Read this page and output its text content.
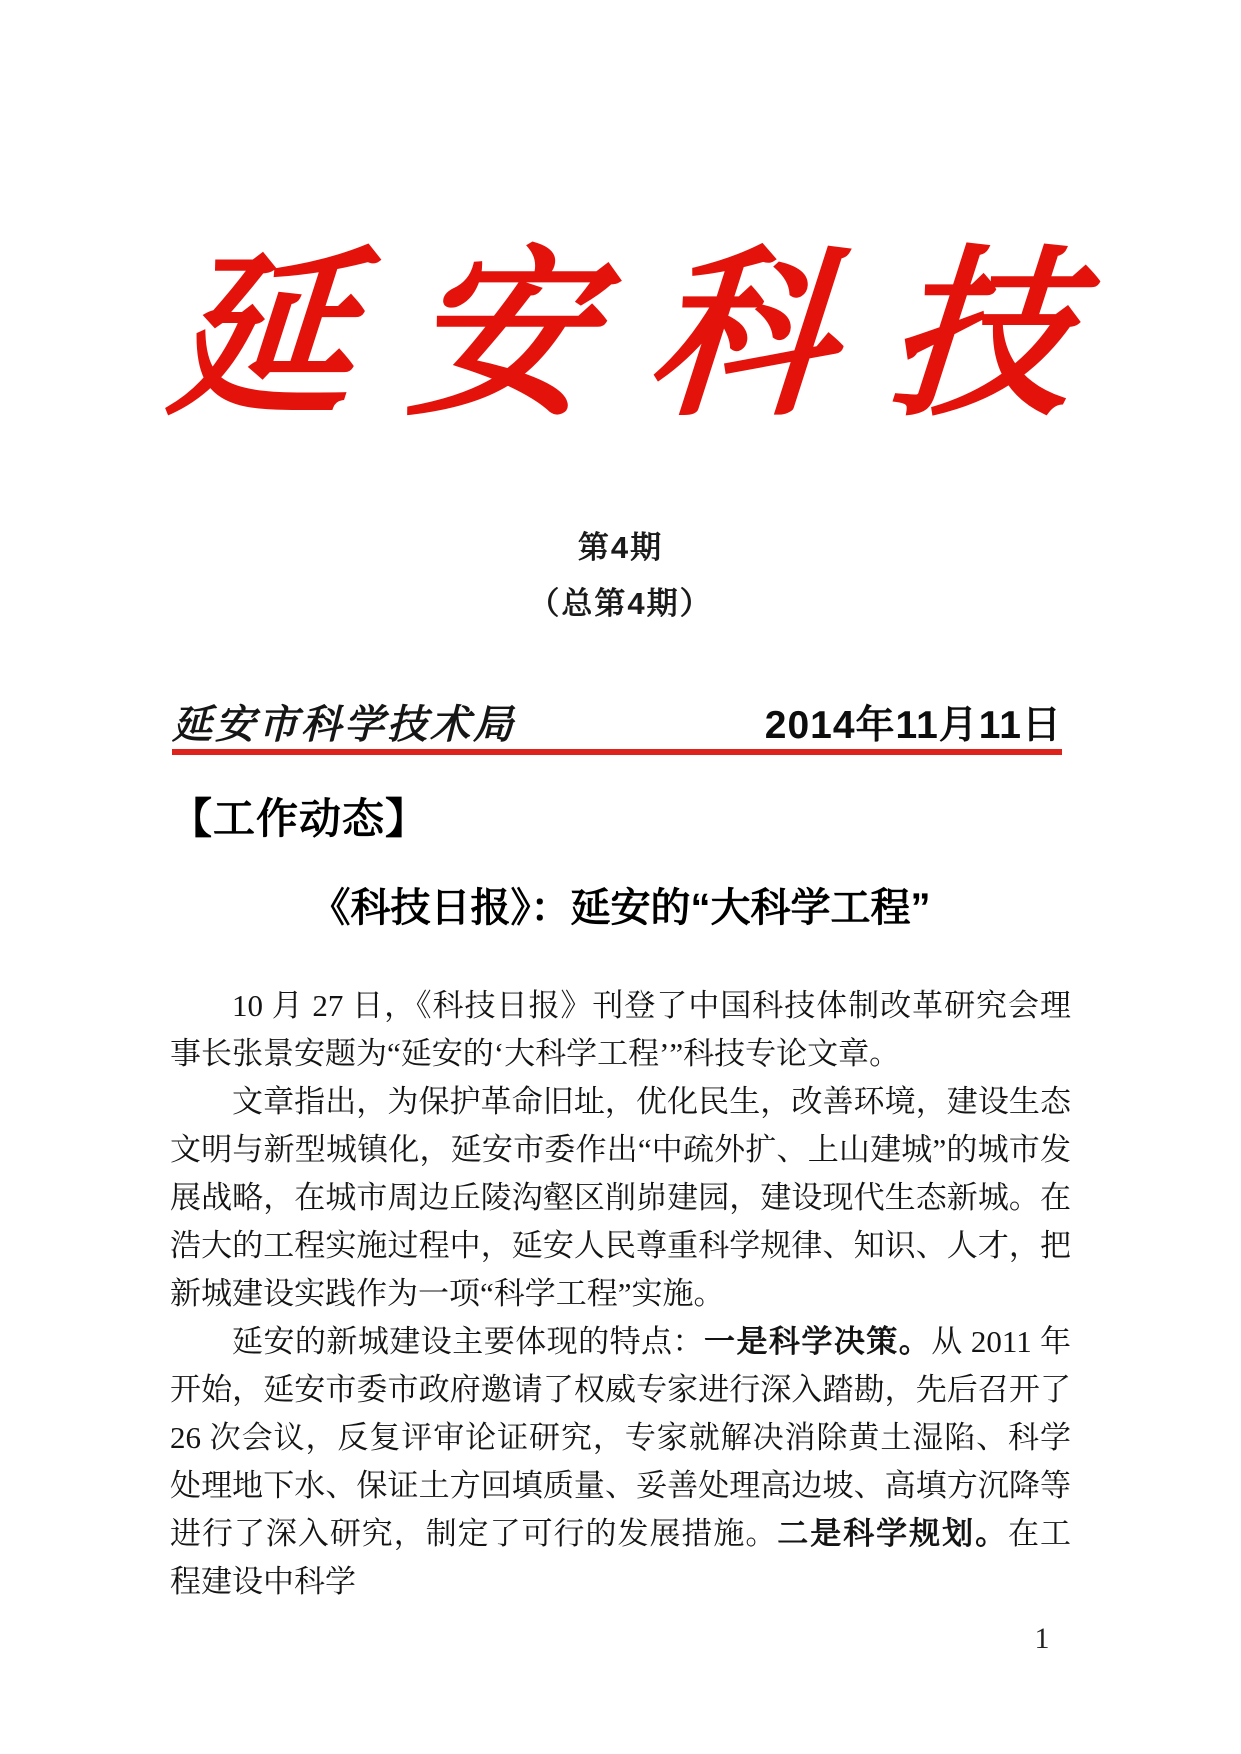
延安科技
第4期
（总第4期）
延安市科学技术局	2014年11月11日
【工作动态】
《科技日报》：延安的“大科学工程”

10 月 27 日，《科技日报》刊登了中国科技体制改革研究会理事长张景安题为“延安的‘大科学工程’”科技专论文章。

文章指出，为保护革命旧址，优化民生，改善环境，建设生态文明与新型城镇化，延安市委作出“中疏外扩、上山建城”的城市发展战略，在城市周边丘陵沟壑区削峁建园，建设现代生态新城。在浩大的工程实施过程中，延安人民尊重科学规律、知识、人才，把新城建设实践作为一项“科学工程”实施。

延安的新城建设主要体现的特点：一是科学决策。从 2011 年开始，延安市委市政府邀请了权威专家进行深入踏勘，先后召开了 26 次会议，反复评审论证研究，专家就解决消除黄土湿陷、科学处理地下水、保证土方回填质量、妥善处理高边坡、高填方沉降等进行了深入研究，制定了可行的发展措施。二是科学规划。在工程建设中科学

1
